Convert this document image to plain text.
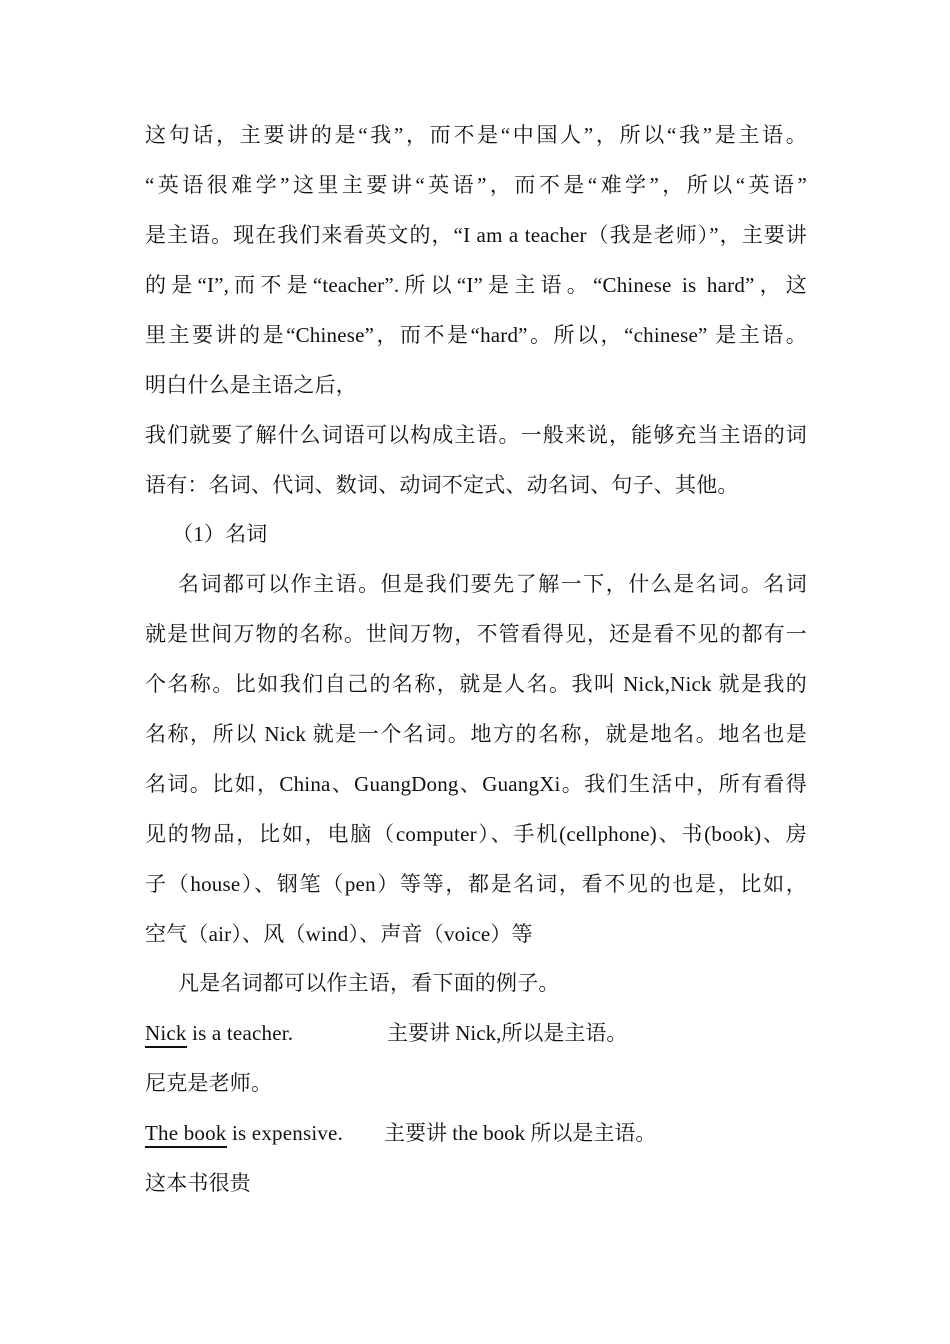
这句话，主要讲的是“我”，而不是“中国人”，所以“我”是主语。
“英语很难学”这里主要讲“英语”，而不是“难学”，所以“英语”
是主语。现在我们来看英文的，“I am a teacher（我是老师）”，主要讲
的是“I”,而不是“teacher”.所以“I”是主语。“Chinese is hard”，这
里主要讲的是“Chinese”，而不是“hard”。所以，“chinese” 是主语。
明白什么是主语之后，
我们就要了解什么词语可以构成主语。一般来说，能够充当主语的词
语有：名词、代词、数词、动词不定式、动名词、句子、其他。
（1）名词
名词都可以作主语。但是我们要先了解一下，什么是名词。名词
就是世间万物的名称。世间万物，不管看得见，还是看不见的都有一
个名称。比如我们自己的名称，就是人名。我叫 Nick,Nick 就是我的
名称，所以 Nick 就是一个名词。地方的名称，就是地名。地名也是
名词。比如，China、GuangDong、GuangXi。我们生活中，所有看得
见的物品，比如，电脑（computer）、手机(cellphone)、书(book)、房
子（house）、钢笔（pen）等等，都是名词，看不见的也是，比如，
空气（air）、风（wind）、声音（voice）等
凡是名词都可以作主语，看下面的例子。
Nick is a teacher.	主要讲 Nick,所以是主语。
尼克是老师。
The book is expensive. 主要讲 the book 所以是主语。
这本书很贵
